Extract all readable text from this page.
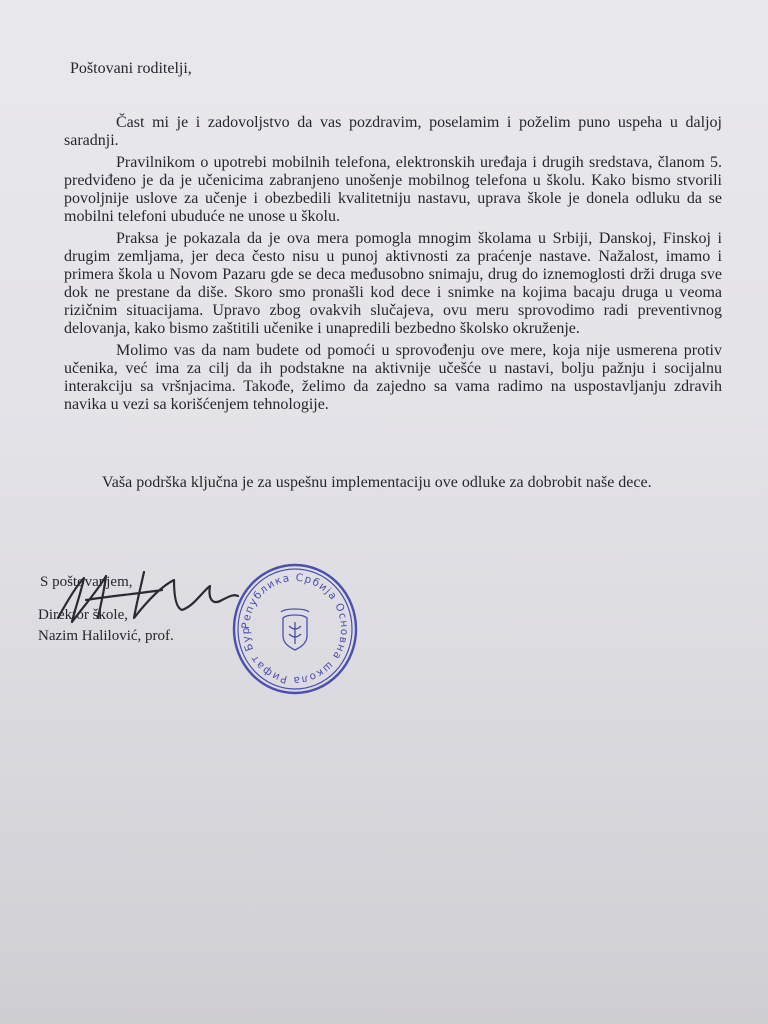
Poštovani roditelji,

Čast mi je i zadovoljstvo da vas pozdravim, poselamim i poželim puno uspeha u daljoj saradnji.

Pravilnikom o upotrebi mobilnih telefona, elektronskih uređaja i drugih sredstava, članom 5. predviđeno je da je učenicima zabranjeno unošenje mobilnog telefona u školu. Kako bismo stvorili povoljnije uslove za učenje i obezbedili kvalitetniju nastavu, uprava škole je donela odluku da se mobilni telefoni ubuduće ne unose u školu.

Praksa je pokazala da je ova mera pomogla mnogim školama u Srbiji, Danskoj, Finskoj i drugim zemljama, jer deca često nisu u punoj aktivnosti za praćenje nastave. Nažalost, imamo i primera škola u Novom Pazaru gde se deca međusobno snimaju, drug do iznemoglosti drži druga sve dok ne prestane da diše. Skoro smo pronašli kod dece i snimke na kojima bacaju druga u veoma rizičnim situacijama. Upravo zbog ovakvih slučajeva, ovu meru sprovodimo radi preventivnog delovanja, kako bismo zaštitili učenike i unapredili bezbedno školsko okruženje.

Molimo vas da nam budete od pomoći u sprovođenju ove mere, koja nije usmerena protiv učenika, već ima za cilj da ih podstakne na aktivnije učešće u nastavi, bolju pažnju i socijalnu interakciju sa vršnjacima. Takođe, želimo da zajedno sa vama radimo na uspostavljanju zdravih navika u vezi sa korišćenjem tehnologije.

Vaša podrška ključna je za uspešnu implementaciju ove odluke za dobrobit naše dece.
S poštovanjem,
Direktor škole,
Nazim Halilović, prof.
Република Србија Основна школа Рифат Бур
